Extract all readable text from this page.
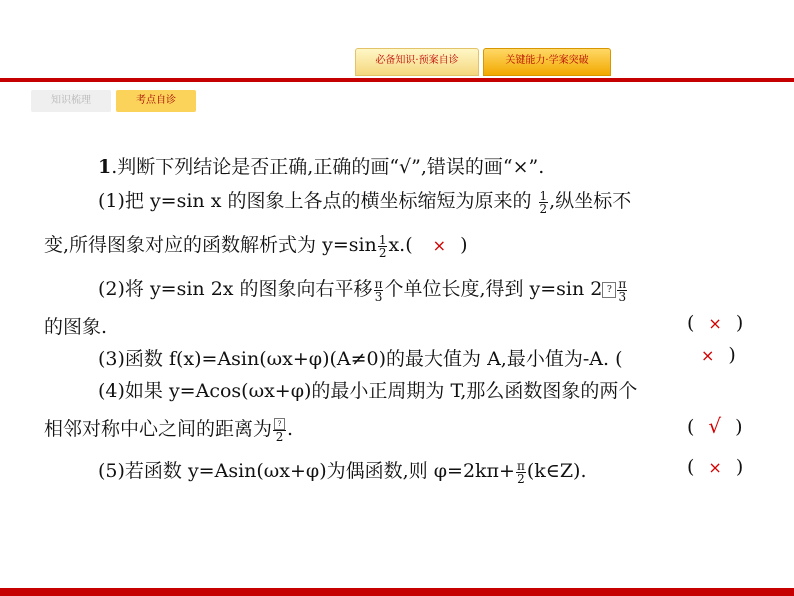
必备知识·预案自诊	关键能力·学案突破
知识梳理	考点自诊
1.判断下列结论是否正确,正确的画“√”,错误的画“×”.
(1)把 y=sin x 的图象上各点的横坐标缩短为原来的 $\frac{1}{2}$ ,纵坐标不
变,所得图象对应的函数解析式为 $y=\sin \frac{1}{2} x$.( × )
(2)将 y=sin 2x 的图象向右平移 $\frac{\pi}{3}$ 个单位长度,得到 y=sin 2 ? $\frac{\pi}{3}$
的图象.	( × )
(3)函数 f(x)=Asin(ωx+φ)(A≠0)的最大值为 A,最小值为-A. (	× )
(4)如果 y=Acos(ωx+φ)的最小正周期为 T,那么函数图象的两个
相邻对称中心之间的距离为 $\frac{?}{2}$ .	( √ )
(5)若函数 y=Asin(ωx+φ)为偶函数,则 $\varphi=2k\pi+ \frac{\pi}{2}$ (k∈Z).	( × )
